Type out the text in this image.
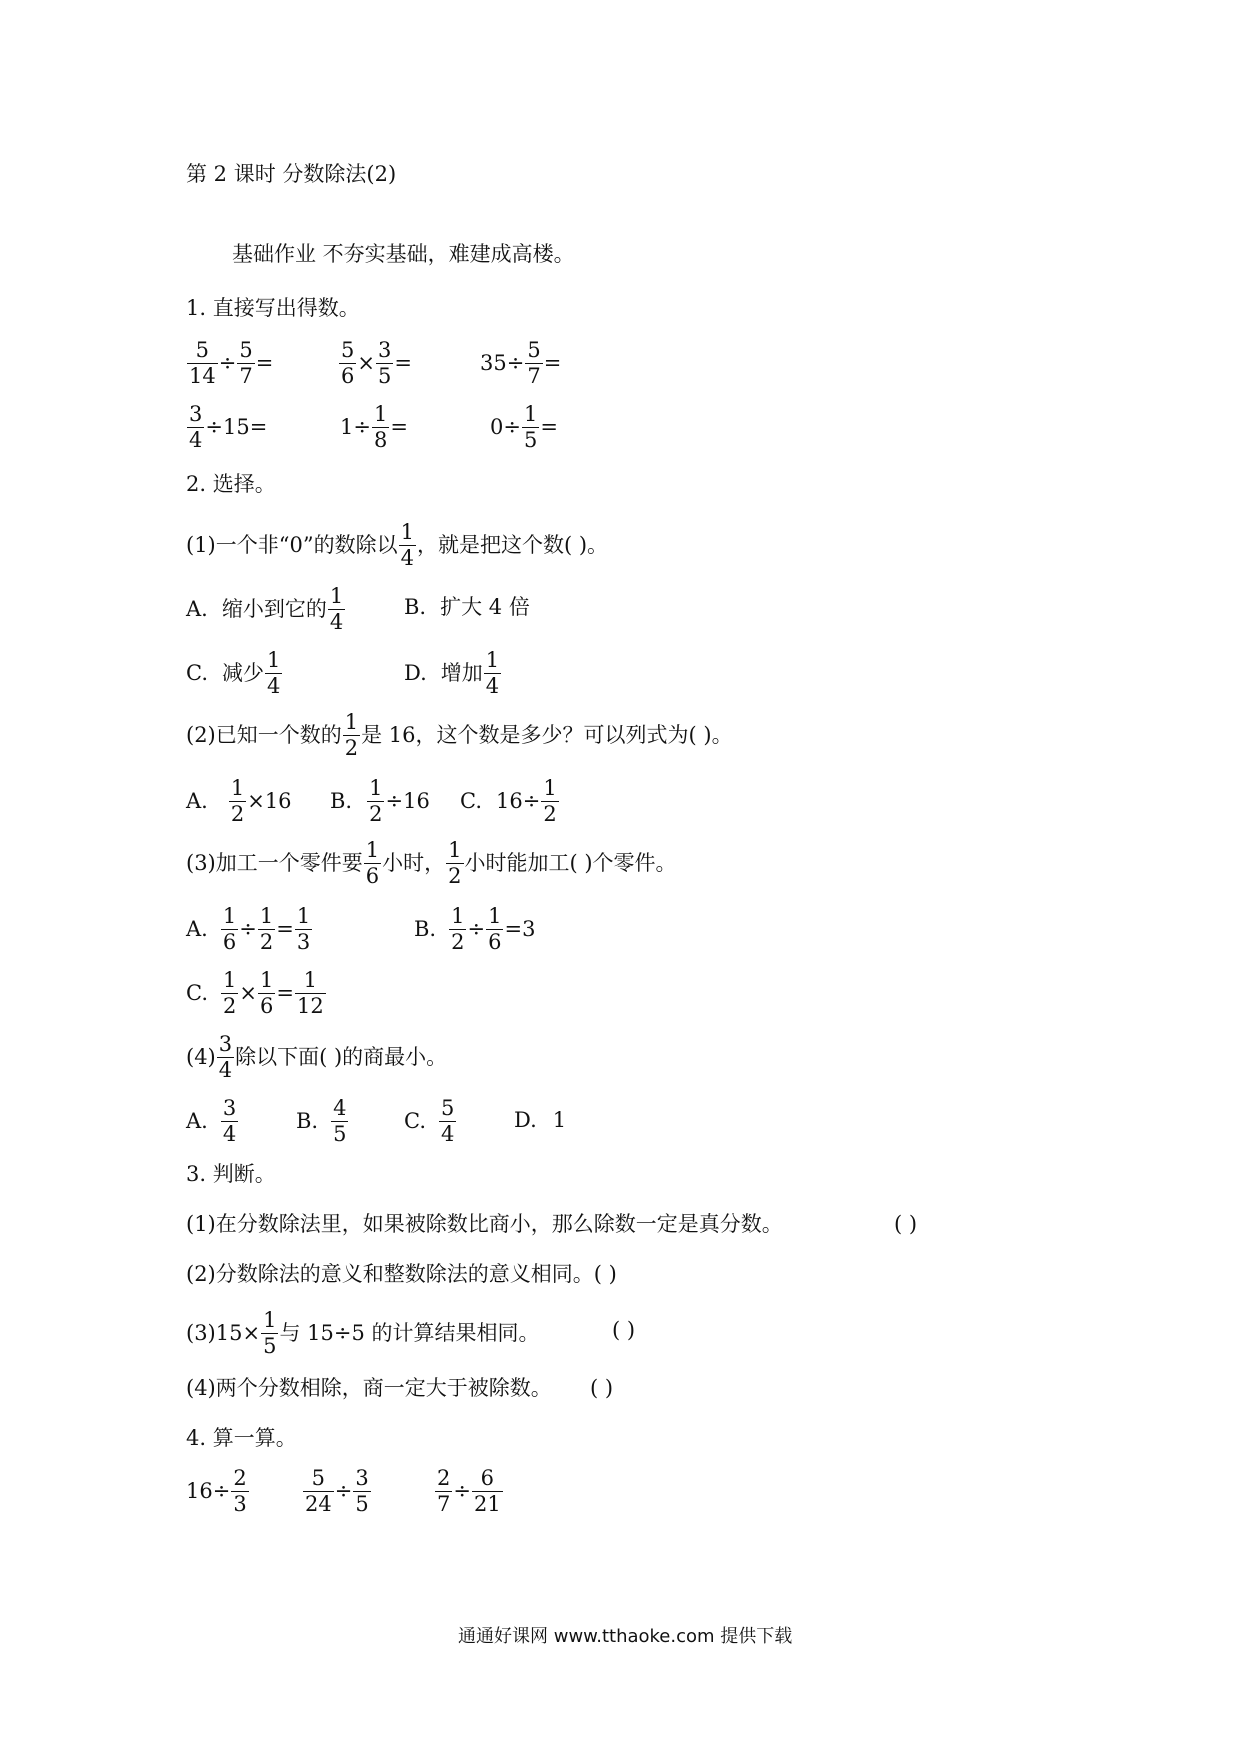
第 2 课时 分数除法(2)
基础作业 不夯实基础，难建成高楼。
1. 直接写出得数。
$\frac{5}{14} \div \frac{5}{7}$ =	$\frac{5}{6} \times \frac{3}{5}$ =	$35\div \frac{5}{7}$ =
$\frac{3}{4} \div 15=$	$1\div \frac{1}{8}$ =	$0\div \frac{1}{5}$ =
2. 选择。
(1)一个非“0”的数除以 $\frac{1}{4}$ ，就是把这个数( )。
A. 缩小到它的 $\frac{1}{4}$	B. 扩大 4 倍
C. 减少 $\frac{1}{4}$	D. 增加 $\frac{1}{4}$
(2)已知一个数的 $\frac{1}{2}$ 是 16，这个数是多少？可以列式为( )。
A. $\frac{1}{2} \times 16$ B. $\frac{1}{2} \div 16$ C. $16\div \frac{1}{2}$
(3)加工一个零件要 $\frac{1}{6}$ 小时， $\frac{1}{2}$ 小时能加工( )个零件。
A. $\frac{1}{6} \div \frac{1}{2} = \frac{1}{3}$	B. $\frac{1}{2} \div \frac{1}{6} =3$
C. $\frac{1}{2} \times \frac{1}{6} = \frac{1}{12}$
$(4) \frac{3}{4}$ 除以下面( )的商最小。
A. $\frac{3}{4}$	B. $\frac{4}{5}$	C. $\frac{5}{4}$	D. 1
3. 判断。
(1)在分数除法里，如果被除数比商小，那么除数一定是真分数。	( )
(2)分数除法的意义和整数除法的意义相同。( )
$(3)15\times \frac{1}{5}$ 与 15÷5 的计算结果相同。	( )
(4)两个分数相除，商一定大于被除数。 ( )
4. 算一算。
$16\div \frac{2}{3}$	$\frac{5}{24} \div \frac{3}{5}$	$\frac{2}{7} \div \frac{6}{21}$
通通好课网 www.tthaoke.com 提供下载
